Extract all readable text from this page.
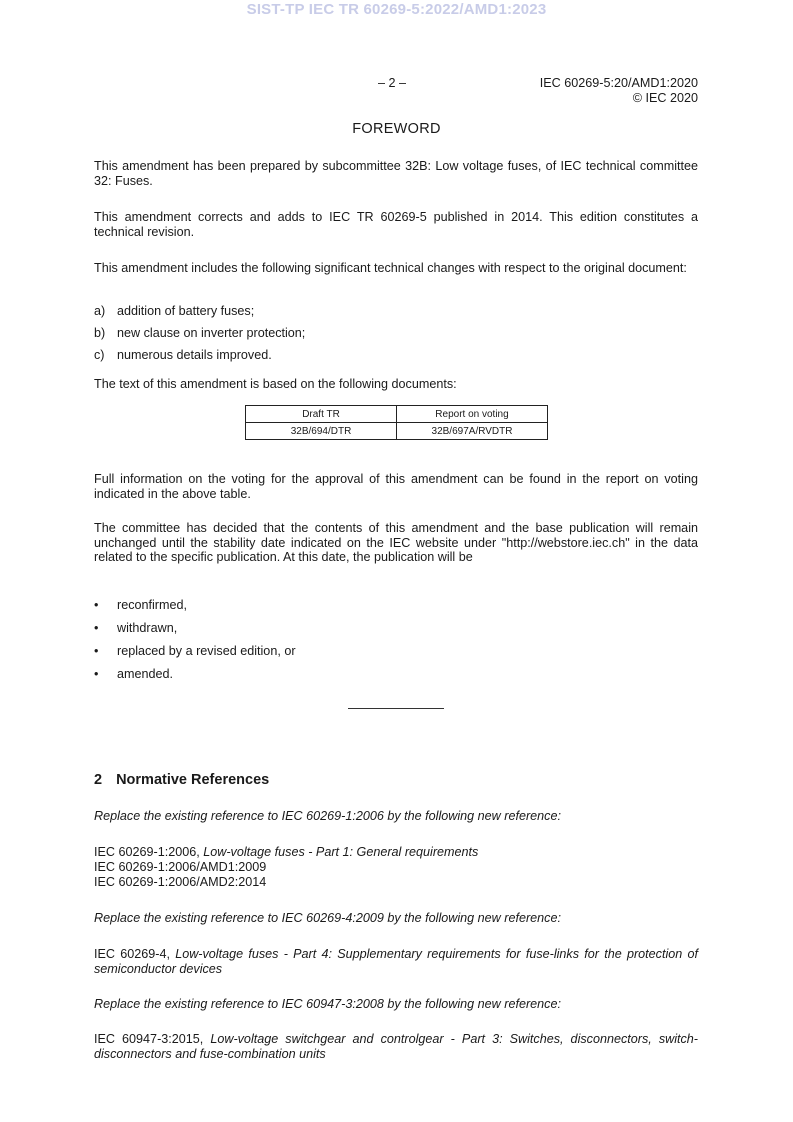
SIST-TP IEC TR 60269-5:2022/AMD1:2023
– 2 –	IEC 60269-5:20/AMD1:2020
© IEC 2020
FOREWORD
This amendment has been prepared by subcommittee 32B: Low voltage fuses, of IEC technical committee 32: Fuses.
This amendment corrects and adds to IEC TR 60269-5 published in 2014. This edition constitutes a technical revision.
This amendment includes the following significant technical changes with respect to the original document:
a) addition of battery fuses;
b) new clause on inverter protection;
c) numerous details improved.
The text of this amendment is based on the following documents:
Draft TR	Report on voting
32B/694/DTR	32B/697A/RVDTR
Full information on the voting for the approval of this amendment can be found in the report on voting indicated in the above table.
The committee has decided that the contents of this amendment and the base publication will remain unchanged until the stability date indicated on the IEC website under "http://webstore.iec.ch" in the data related to the specific publication. At this date, the publication will be
• reconfirmed,
• withdrawn,
• replaced by a revised edition, or
• amended.
2 Normative References
Replace the existing reference to IEC 60269-1:2006 by the following new reference:
IEC 60269-1:2006, Low-voltage fuses - Part 1: General requirements
IEC 60269-1:2006/AMD1:2009
IEC 60269-1:2006/AMD2:2014
Replace the existing reference to IEC 60269-4:2009 by the following new reference:
IEC 60269-4, Low-voltage fuses - Part 4: Supplementary requirements for fuse-links for the protection of semiconductor devices
Replace the existing reference to IEC 60947-3:2008 by the following new reference:
IEC 60947-3:2015, Low-voltage switchgear and controlgear - Part 3: Switches, disconnectors, switch-disconnectors and fuse-combination units
